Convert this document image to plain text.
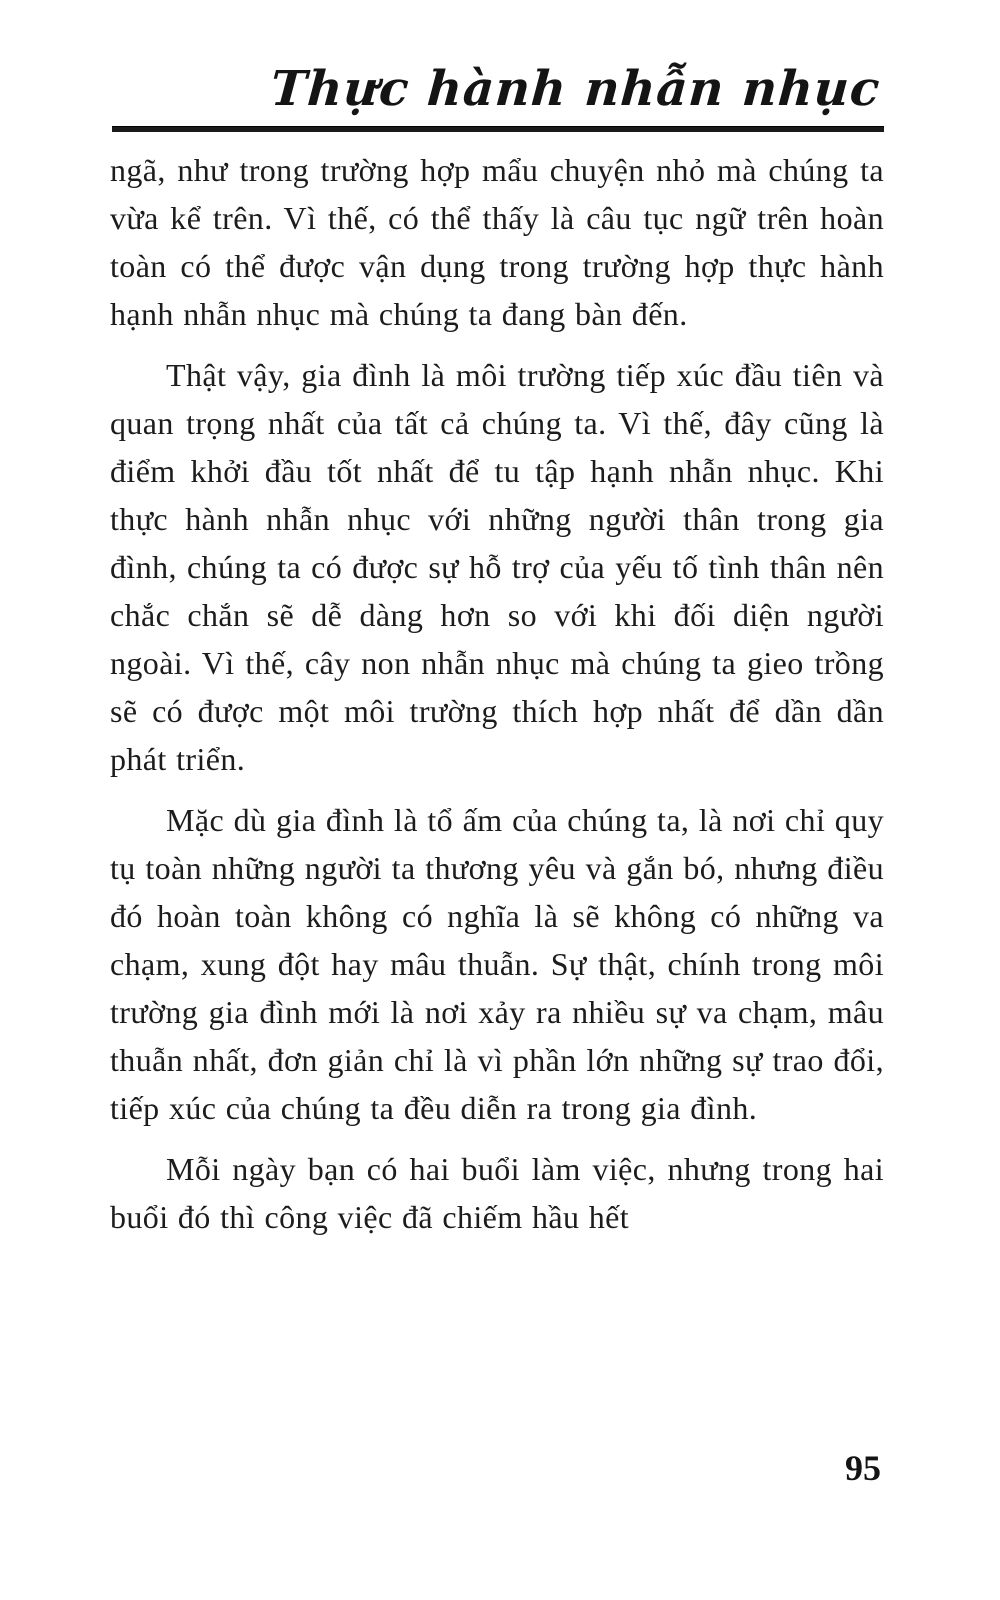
Thực hành nhẫn nhục

ngã, như trong trường hợp mẩu chuyện nhỏ mà chúng ta vừa kể trên. Vì thế, có thể thấy là câu tục ngữ trên hoàn toàn có thể được vận dụng trong trường hợp thực hành hạnh nhẫn nhục mà chúng ta đang bàn đến.

Thật vậy, gia đình là môi trường tiếp xúc đầu tiên và quan trọng nhất của tất cả chúng ta. Vì thế, đây cũng là điểm khởi đầu tốt nhất để tu tập hạnh nhẫn nhục. Khi thực hành nhẫn nhục với những người thân trong gia đình, chúng ta có được sự hỗ trợ của yếu tố tình thân nên chắc chắn sẽ dễ dàng hơn so với khi đối diện người ngoài. Vì thế, cây non nhẫn nhục mà chúng ta gieo trồng sẽ có được một môi trường thích hợp nhất để dần dần phát triển.

Mặc dù gia đình là tổ ấm của chúng ta, là nơi chỉ quy tụ toàn những người ta thương yêu và gắn bó, nhưng điều đó hoàn toàn không có nghĩa là sẽ không có những va chạm, xung đột hay mâu thuẫn. Sự thật, chính trong môi trường gia đình mới là nơi xảy ra nhiều sự va chạm, mâu thuẫn nhất, đơn giản chỉ là vì phần lớn những sự trao đổi, tiếp xúc của chúng ta đều diễn ra trong gia đình.

Mỗi ngày bạn có hai buổi làm việc, nhưng trong hai buổi đó thì công việc đã chiếm hầu hết

95
